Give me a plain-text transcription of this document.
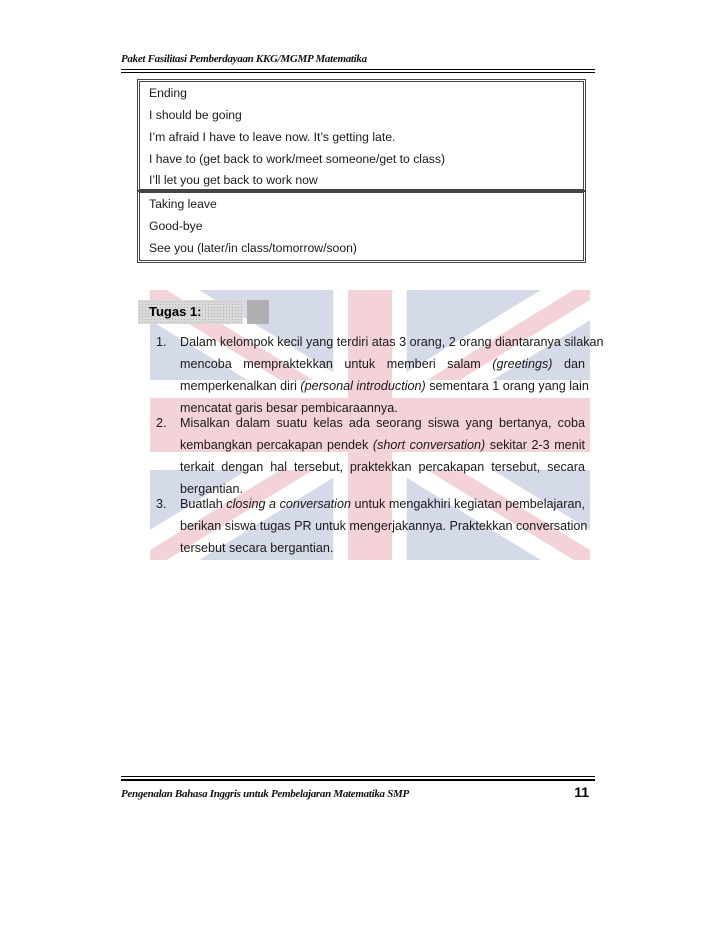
Paket Fasilitasi Pemberdayaan KKG/MGMP Matematika
Ending
I should be going
I’m afraid I have to leave now. It’s getting late.
I have to (get back to work/meet someone/get to class)
I’ll let you get back to work now
Taking leave
Good-bye
See you (later/in class/tomorrow/soon)
Tugas 1:
1. Dalam kelompok kecil yang terdiri atas 3 orang, 2 orang diantaranya silakan
mencoba mempraktekkan untuk memberi salam (greetings) dan
memperkenalkan diri (personal introduction) sementara 1 orang yang lain
mencatat garis besar pembicaraannya.
2. Misalkan dalam suatu kelas ada seorang siswa yang bertanya, coba
kembangkan percakapan pendek (short conversation) sekitar 2-3 menit
terkait dengan hal tersebut, praktekkan percakapan tersebut, secara
bergantian.
3. Buatlah closing a conversation untuk mengakhiri kegiatan pembelajaran,
berikan siswa tugas PR untuk mengerjakannya. Praktekkan conversation
tersebut secara bergantian.
Pengenalan Bahasa Inggris untuk Pembelajaran Matematika SMP	11
